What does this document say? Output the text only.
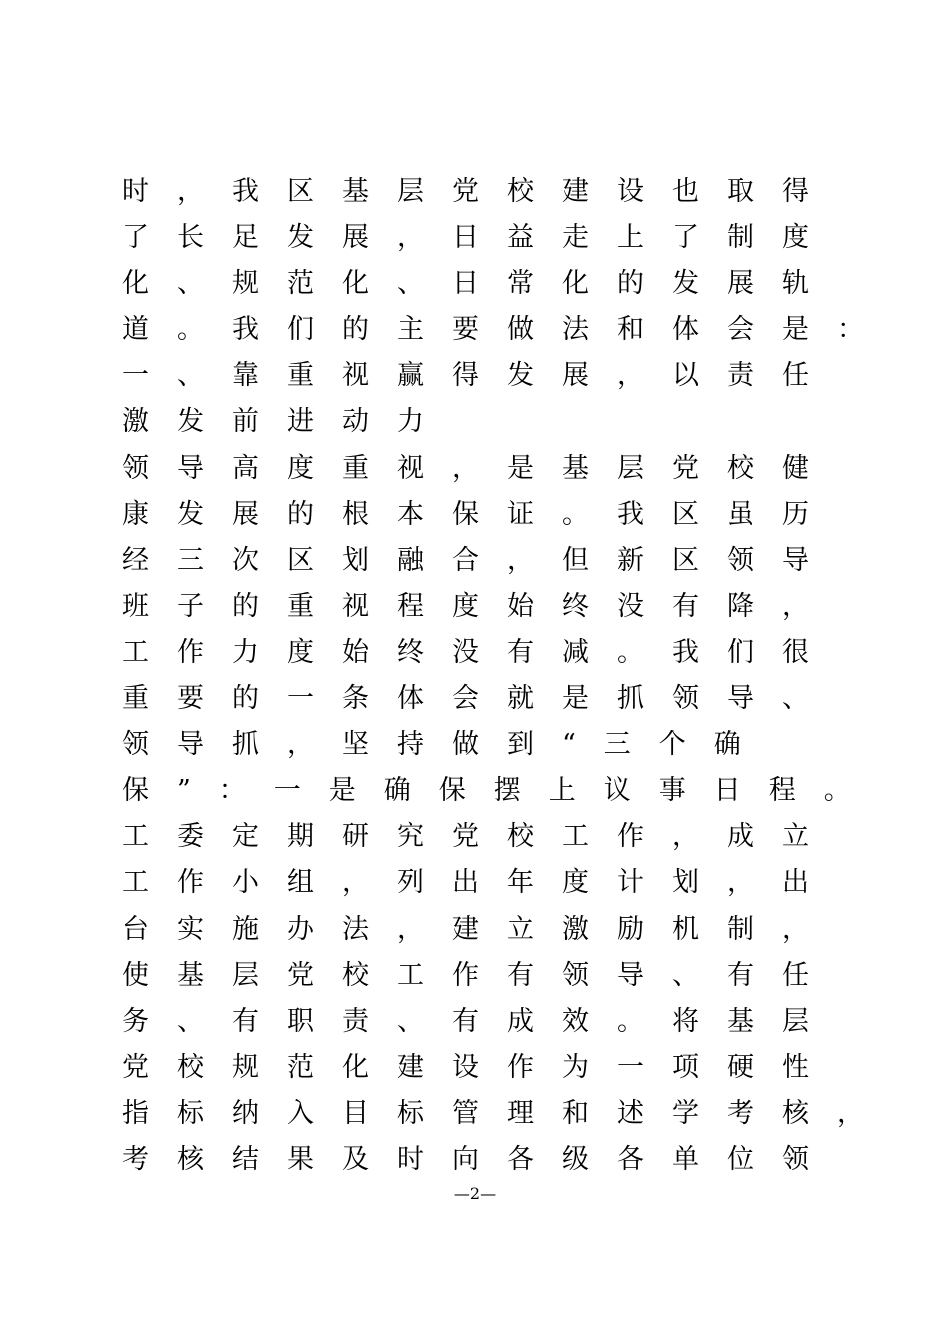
时，我区基层党校建设也取得
了长足发展，日益走上了制度
化、规范化、日常化的发展轨
道。我们的主要做法和体会是：
一、靠重视赢得发展，以责任
激发前进动力
领导高度重视，是基层党校健
康发展的根本保证。我区虽历
经三次区划融合，但新区领导
班子的重视程度始终没有降，
工作力度始终没有减。我们很
重要的一条体会就是抓领导、
领导抓，坚持做到“三个确
保”：一是确保摆上议事日程。
工委定期研究党校工作，成立
工作小组，列出年度计划，出
台实施办法，建立激励机制，
使基层党校工作有领导、有任
务、有职责、有成效。将基层
党校规范化建设作为一项硬性
指标纳入目标管理和述学考核，
考核结果及时向各级各单位领
—2—
